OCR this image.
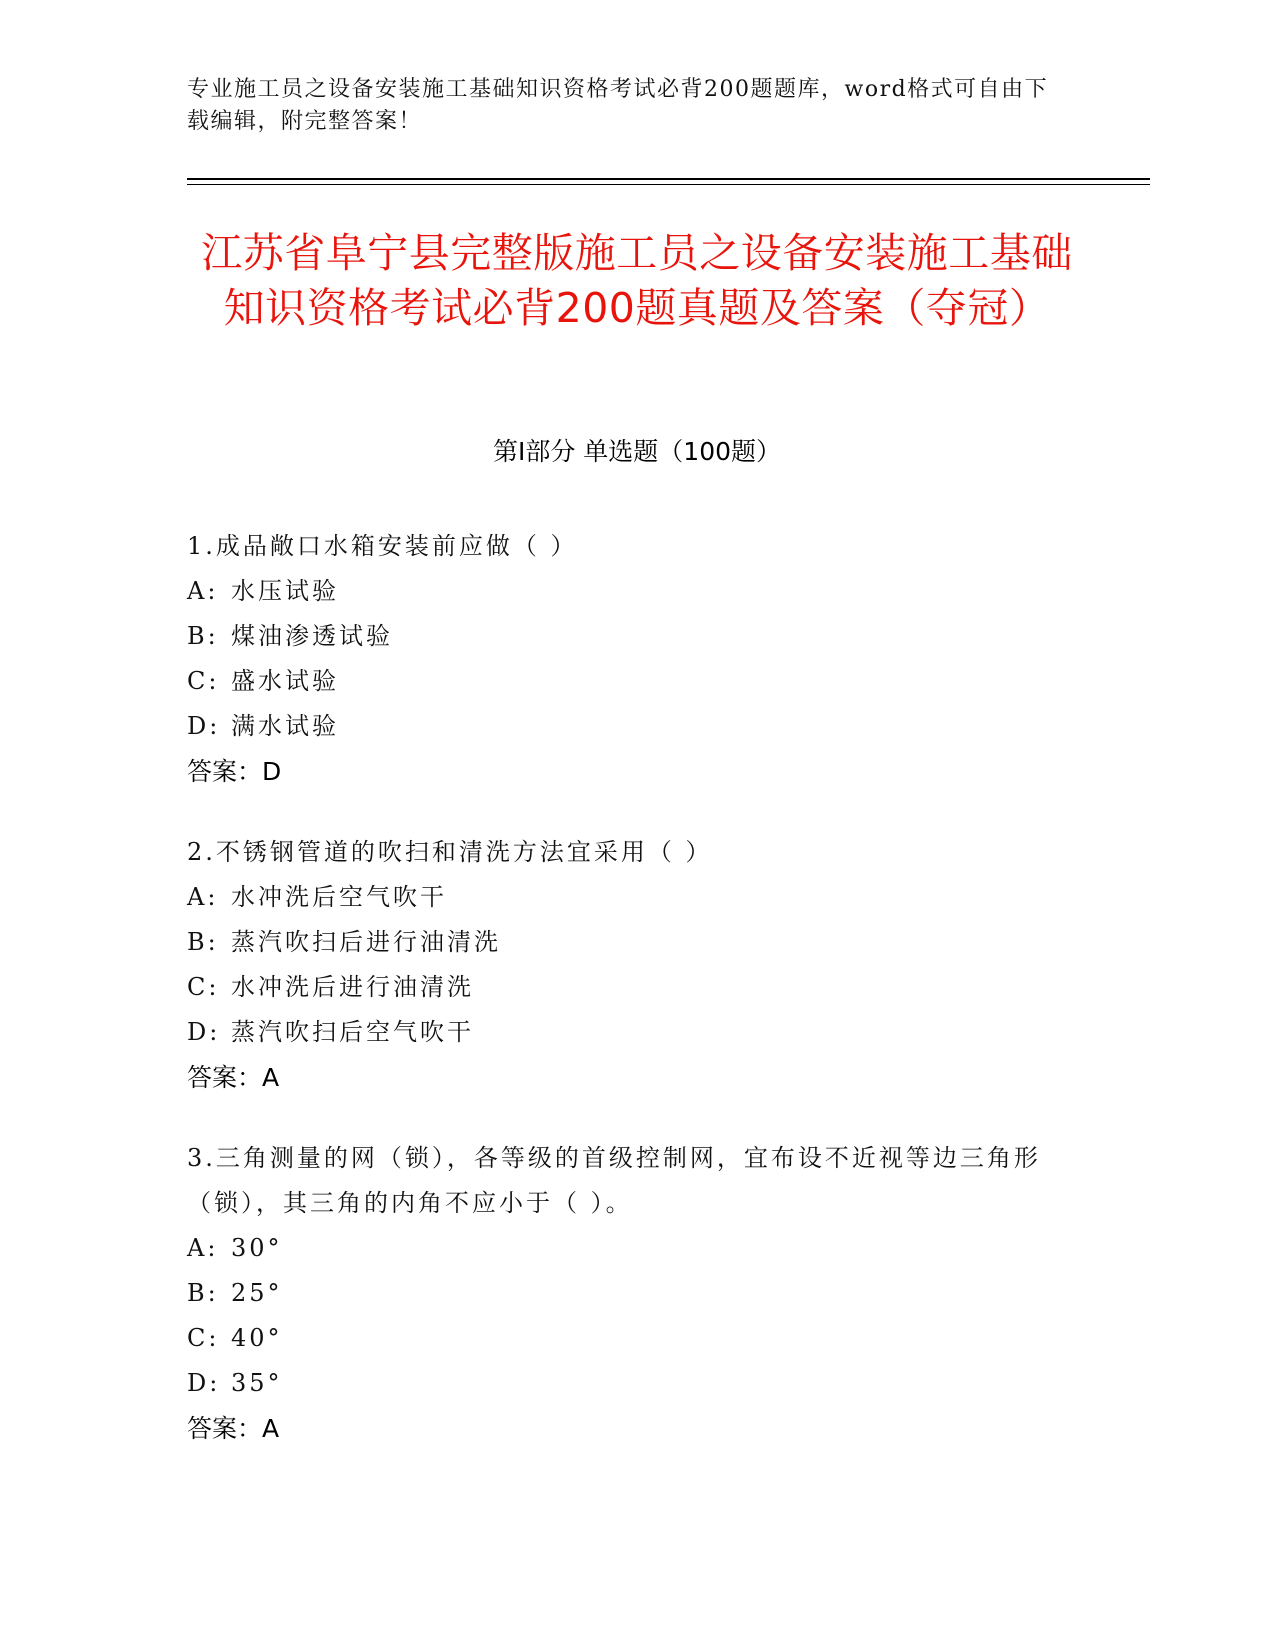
专业施工员之设备安装施工基础知识资格考试必背200题题库，word格式可自由下载编辑，附完整答案！
江苏省阜宁县完整版施工员之设备安装施工基础知识资格考试必背200题真题及答案（夺冠）
第I部分 单选题（100题）
1.成品敞口水箱安装前应做（ ）
A: 水压试验
B: 煤油渗透试验
C: 盛水试验
D: 满水试验
答案：D
2.不锈钢管道的吹扫和清洗方法宜采用（ ）
A: 水冲洗后空气吹干
B: 蒸汽吹扫后进行油清洗
C: 水冲洗后进行油清洗
D: 蒸汽吹扫后空气吹干
答案：A
3.三角测量的网（锁），各等级的首级控制网，宜布设不近视等边三角形（锁），其三角的内角不应小于（ ）。
A: 30°
B: 25°
C: 40°
D: 35°
答案：A
